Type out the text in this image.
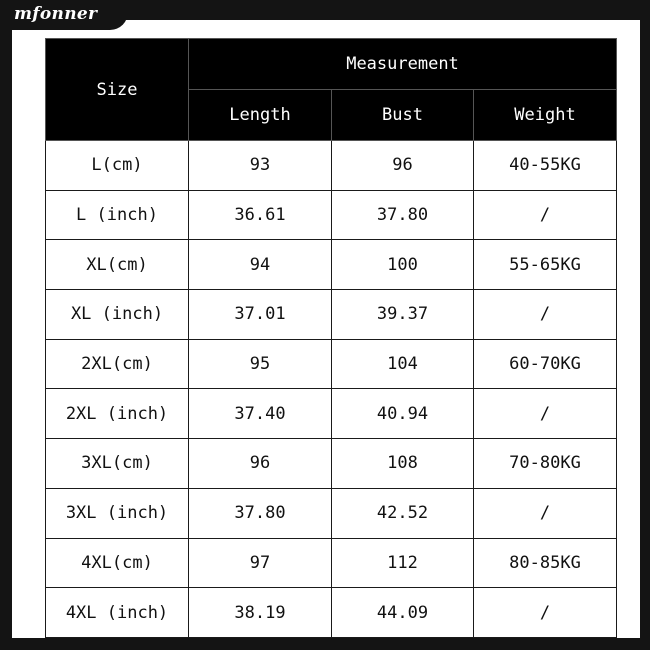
mfonner
Size	Measurement		
	Length	Bust	Weight
L(cm)	93	96	40-55KG
L (inch)	36.61	37.80	/
XL(cm)	94	100	55-65KG
XL (inch)	37.01	39.37	/
2XL(cm)	95	104	60-70KG
2XL (inch)	37.40	40.94	/
3XL(cm)	96	108	70-80KG
3XL (inch)	37.80	42.52	/
4XL(cm)	97	112	80-85KG
4XL (inch)	38.19	44.09	/
